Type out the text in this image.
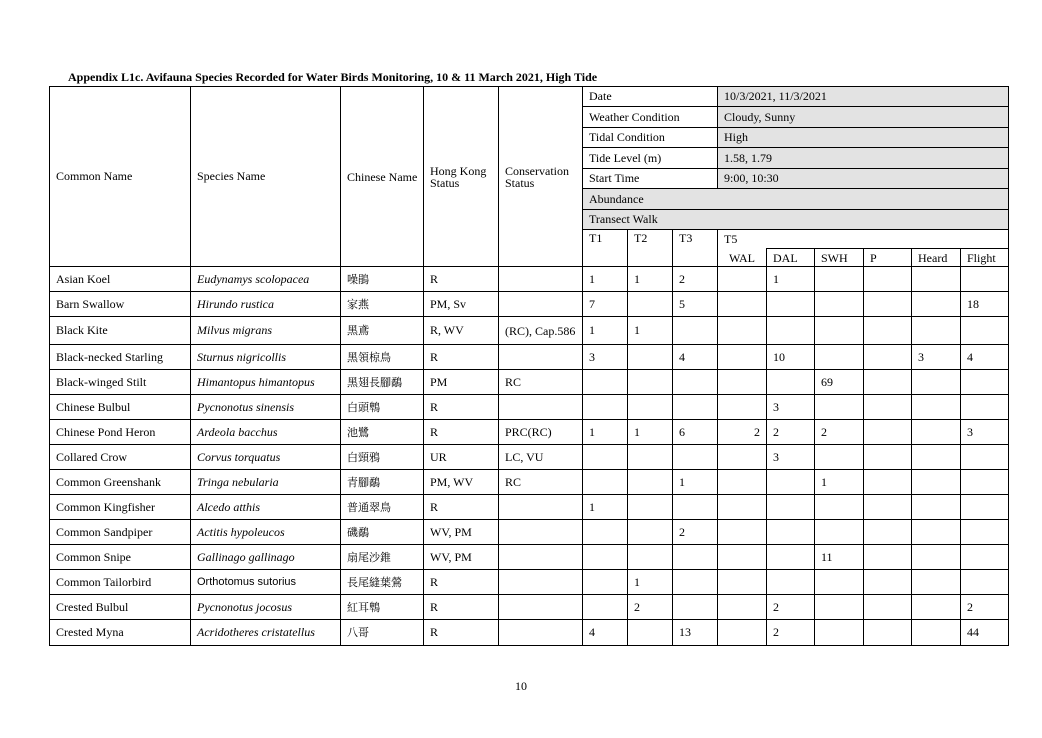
Appendix L1c. Avifauna Species Recorded for Water Birds Monitoring, 10 & 11 March 2021, High Tide
Common Name	Species Name	Chinese Name	Hong Kong Status	Conservation Status	Date			10/3/2021, 11/3/2021					
					Weather Condition			Cloudy, Sunny					
					Tidal Condition			High					
					Tide Level (m)			1.58, 1.79					
					Start Time			9:00, 10:30					
					Abundance								
					Transect Walk								
					T1	T2	T3	T5					
								WAL	DAL	SWH	P	Heard	Flight
Asian Koel	Eudynamys scolopacea	噪鵑	R		1	1	2		1				
Barn Swallow	Hirundo rustica	家燕	PM, Sv		7		5						18
Black Kite	Milvus migrans	黑鳶	R, WV	(RC), Cap.586	1	1							
Black-necked Starling	Sturnus nigricollis	黑領椋鳥	R		3		4		10			3	4
Black-winged Stilt	Himantopus himantopus	黑翅長腳鷸	PM	RC						69			
Chinese Bulbul	Pycnonotus sinensis	白頭鵯	R						3				
Chinese Pond Heron	Ardeola bacchus	池鷺	R	PRC(RC)	1	1	6	2	2	2			3
Collared Crow	Corvus torquatus	白頸鴉	UR	LC, VU					3				
Common Greenshank	Tringa nebularia	青腳鷸	PM, WV	RC			1			1			
Common Kingfisher	Alcedo atthis	普通翠鳥	R		1								
Common Sandpiper	Actitis hypoleucos	磯鷸	WV, PM				2						
Common Snipe	Gallinago gallinago	扇尾沙錐	WV, PM							11			
Common Tailorbird	Orthotomus sutorius	長尾縫葉鶯	R			1							
Crested Bulbul	Pycnonotus jocosus	紅耳鵯	R			2			2				2
Crested Myna	Acridotheres cristatellus	八哥	R		4		13		2				44
10
